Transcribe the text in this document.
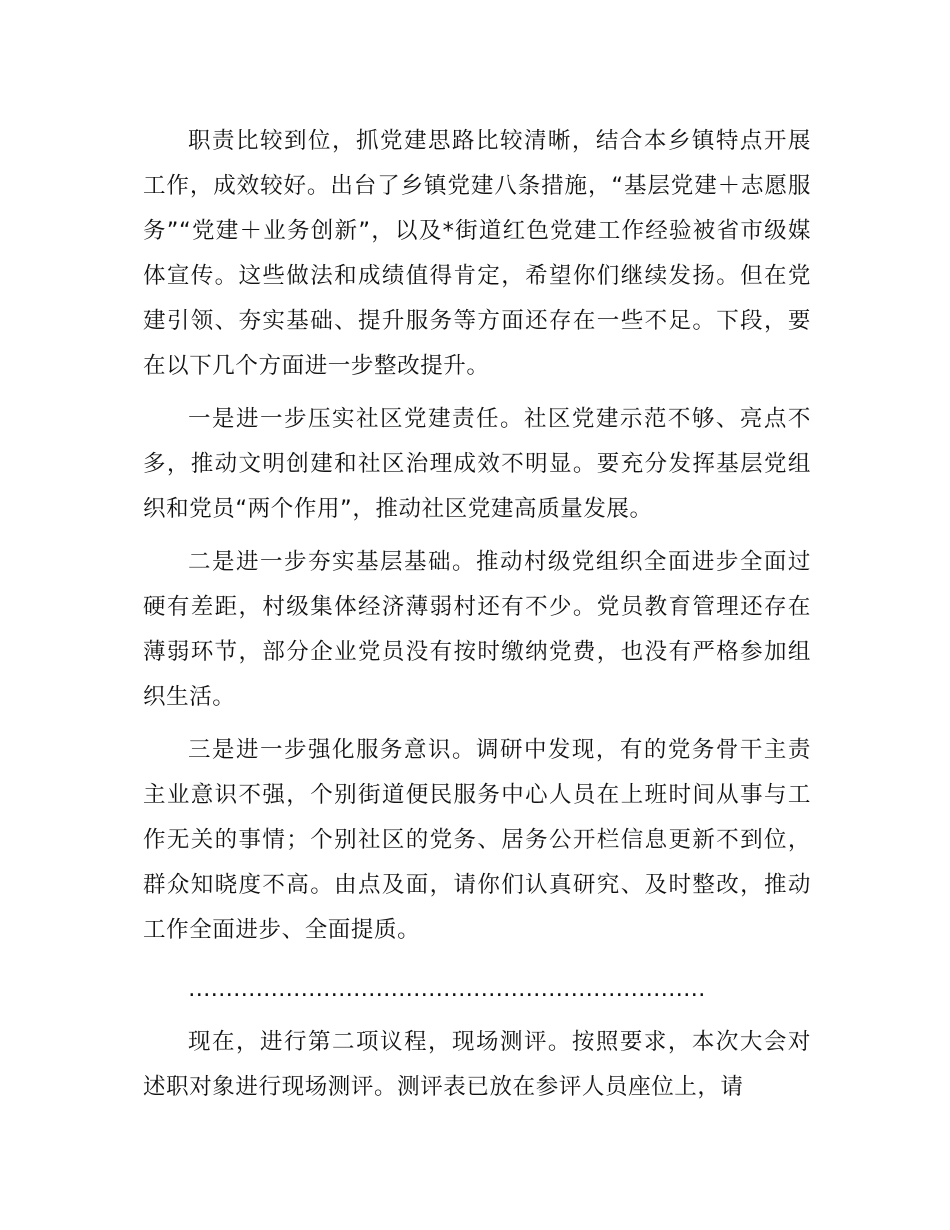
职责比较到位，抓党建思路比较清晰，结合本乡镇特点开展工作，成效较好。出台了乡镇党建八条措施，“基层党建＋志愿服务”“党建＋业务创新”，以及*街道红色党建工作经验被省市级媒体宣传。这些做法和成绩值得肯定，希望你们继续发扬。但在党建引领、夯实基础、提升服务等方面还存在一些不足。下段，要在以下几个方面进一步整改提升。

一是进一步压实社区党建责任。社区党建示范不够、亮点不多，推动文明创建和社区治理成效不明显。要充分发挥基层党组织和党员“两个作用”，推动社区党建高质量发展。

二是进一步夯实基层基础。推动村级党组织全面进步全面过硬有差距，村级集体经济薄弱村还有不少。党员教育管理还存在薄弱环节，部分企业党员没有按时缴纳党费，也没有严格参加组织生活。

三是进一步强化服务意识。调研中发现，有的党务骨干主责主业意识不强，个别街道便民服务中心人员在上班时间从事与工作无关的事情；个别社区的党务、居务公开栏信息更新不到位，群众知晓度不高。由点及面，请你们认真研究、及时整改，推动工作全面进步、全面提质。

……………………………………………………………

现在，进行第二项议程，现场测评。按照要求，本次大会对述职对象进行现场测评。测评表已放在参评人员座位上，请
